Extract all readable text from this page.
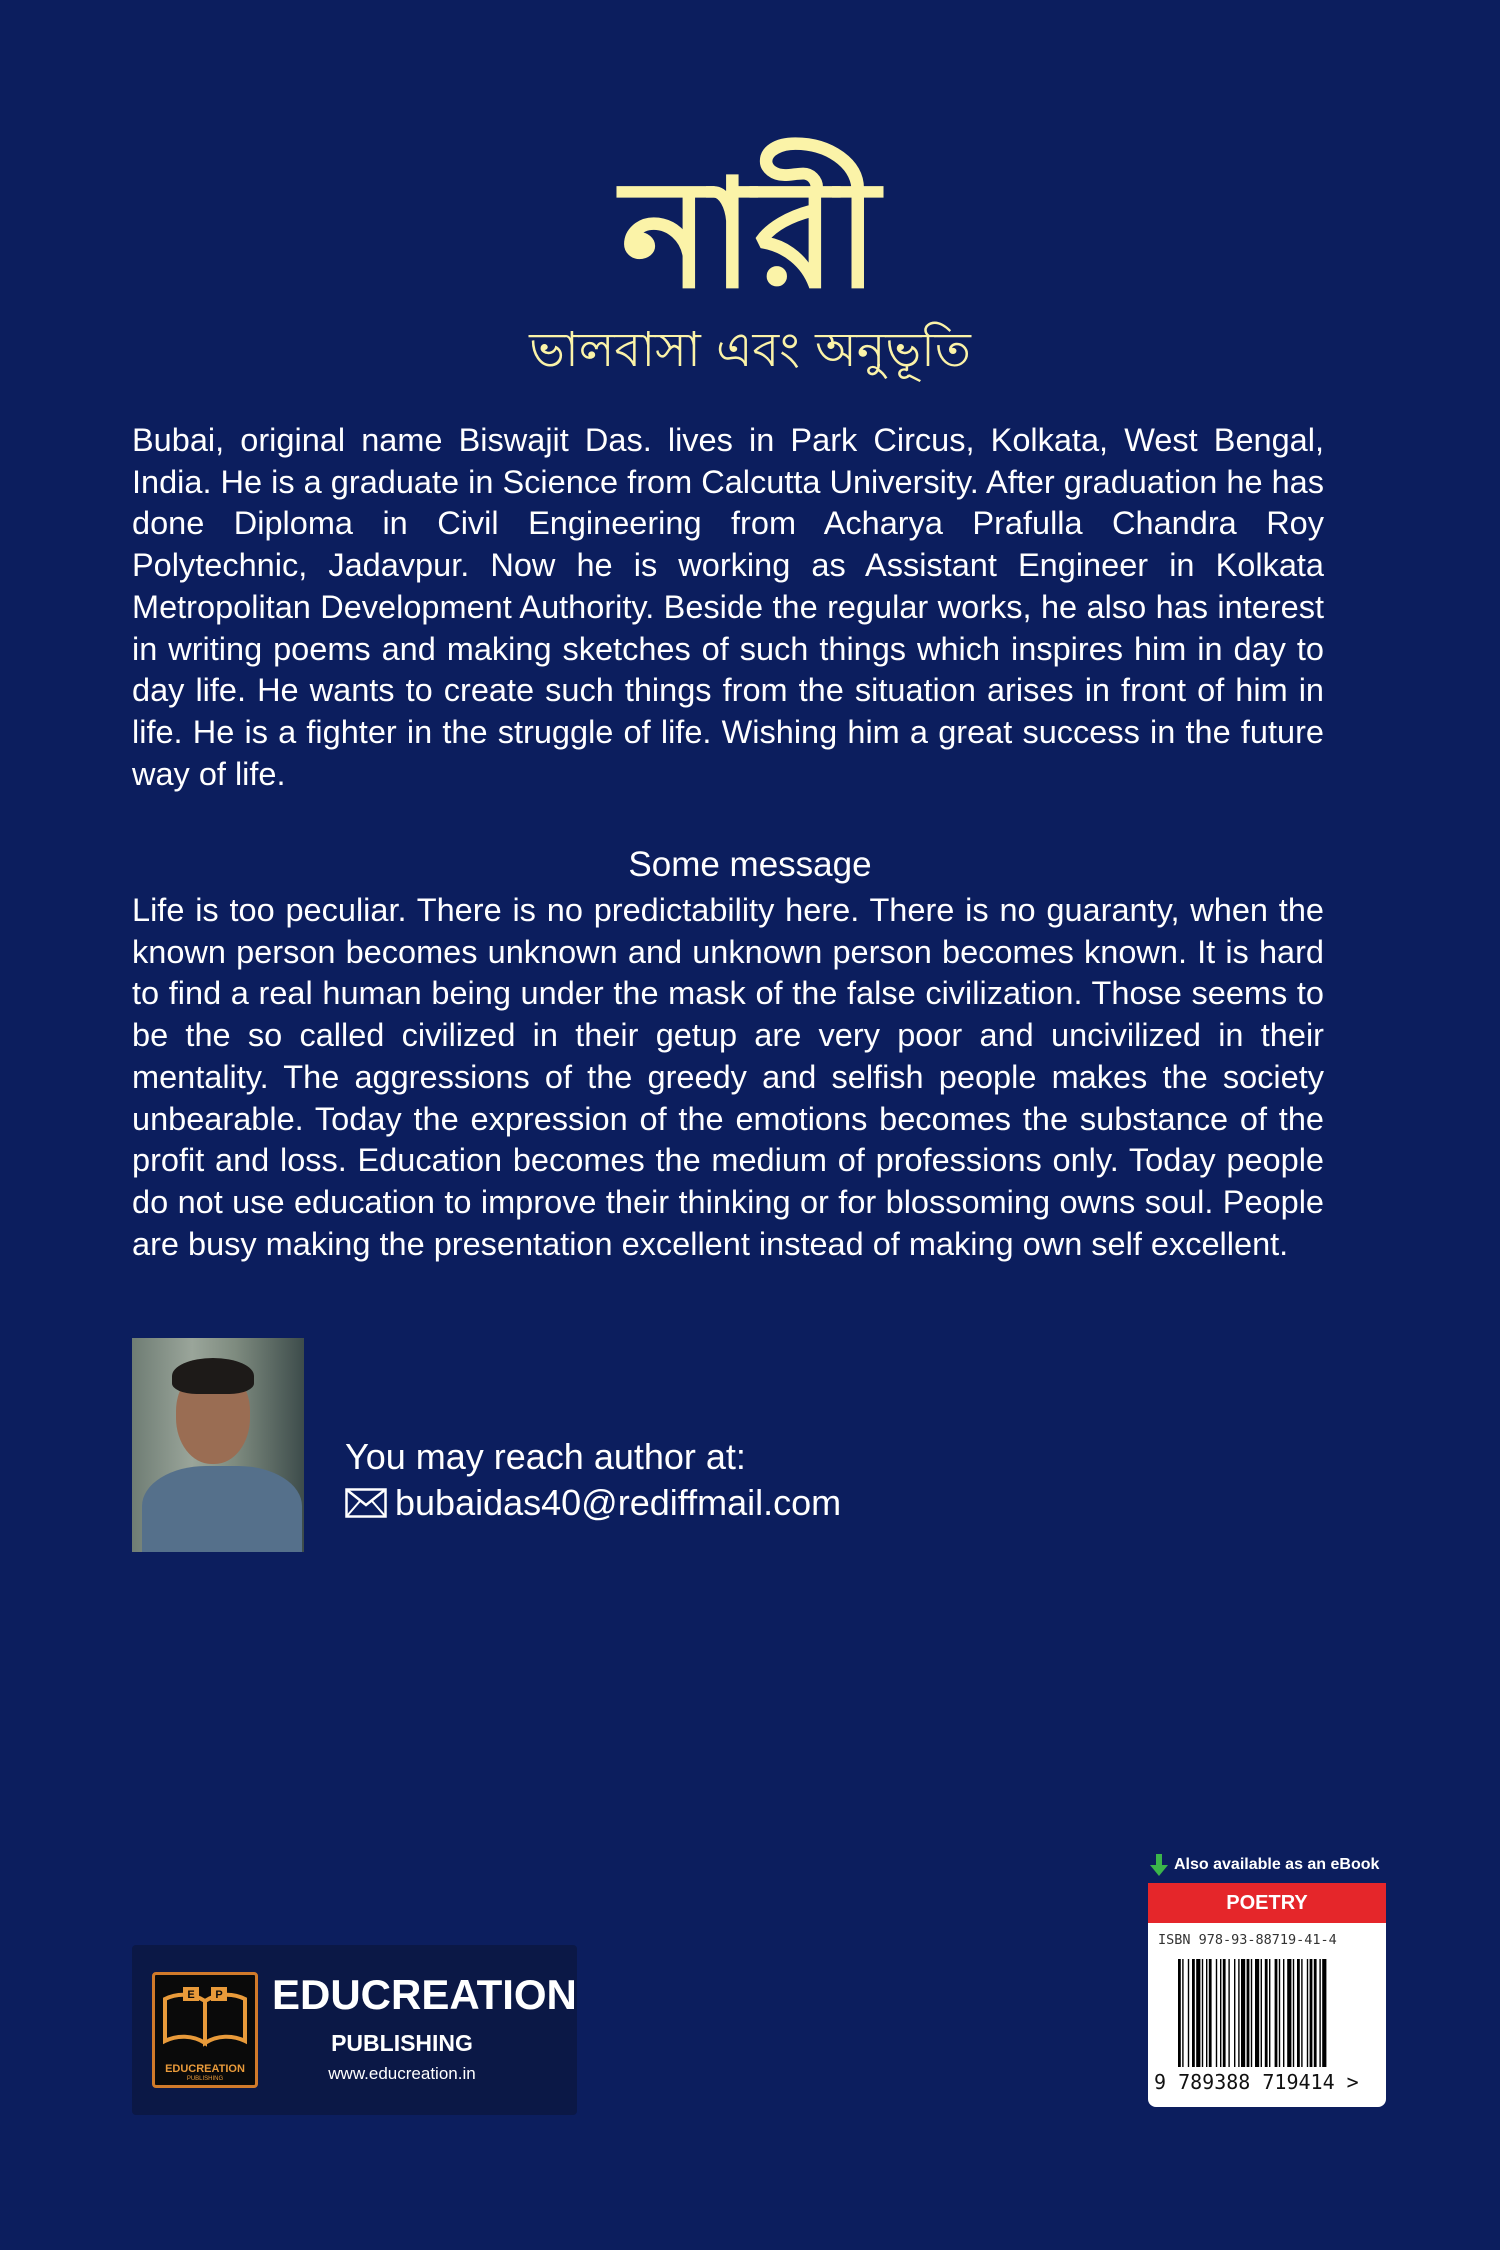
নারী
ভালবাসা এবং অনুভূতি

Bubai, original name Biswajit Das. lives in Park Circus, Kolkata, West Bengal, India. He is a graduate in Science from Calcutta University. After graduation he has done Diploma in Civil Engineering from Acharya Prafulla Chandra Roy Polytechnic, Jadavpur. Now he is working as Assistant Engineer in Kolkata Metropolitan Development Authority. Beside the regular works, he also has interest in writing poems and making sketches of such things which inspires him in day to day life. He wants to create such things from the situation arises in front of him in life. He is a fighter in the struggle of life. Wishing him a great success in the future way of life.

Some message

Life is too peculiar. There is no predictability here. There is no guaranty, when the known person becomes unknown and unknown person becomes known. It is hard to find a real human being under the mask of the false civilization. Those seems to be the so called civilized in their getup are very poor and uncivilized in their mentality. The aggressions of the greedy and selfish people makes the society unbearable. Today the expression of the emotions becomes the substance of the profit and loss. Education becomes the medium of professions only. Today people do not use education to improve their thinking or for blossoming owns soul. People are busy making the presentation excellent instead of making own self excellent.

You may reach author at:
bubaidas40@rediffmail.com
E P
EDUCREATION
PUBLISHING
EDUCREATION
PUBLISHING
www.educreation.in
Also available as an eBook
POETRY
ISBN 978-93-88719-41-4
9 789388 719414 >
